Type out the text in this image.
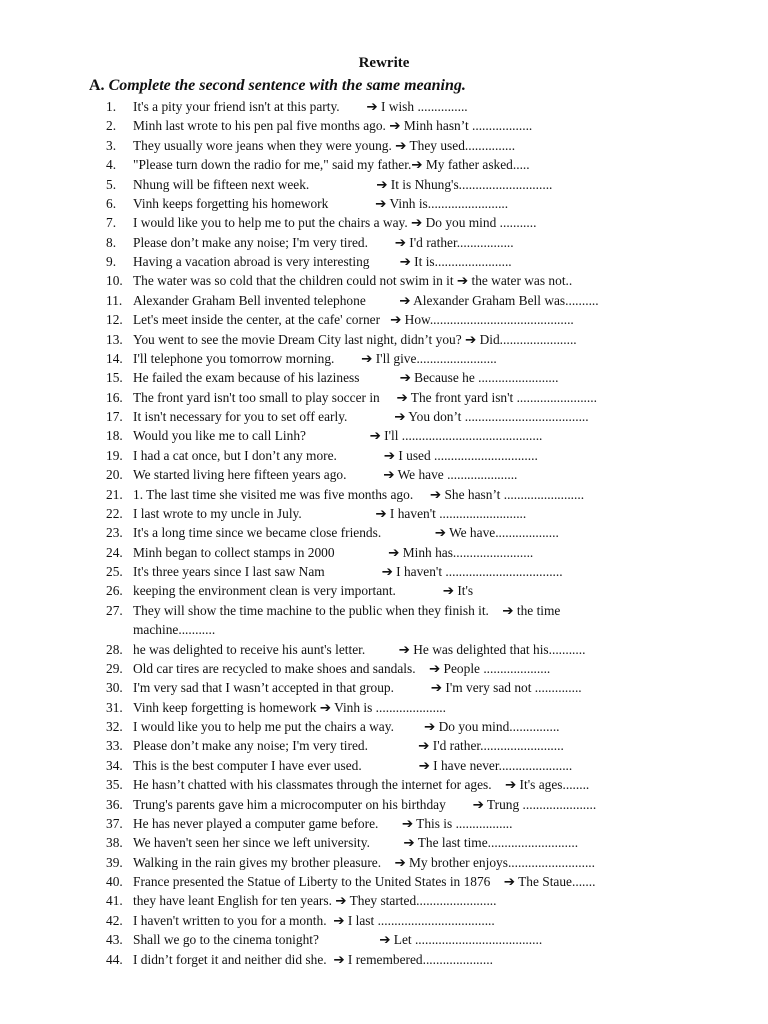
Rewrite
A. Complete the second sentence with the same meaning.
1.	It's a pity your friend isn't at this party.        ➔ I wish ...............
2.	Minh last wrote to his pen pal five months ago. ➔ Minh hasn’t ..................
3.	They usually wore jeans when they were young. ➔ They used...............
4.	"Please turn down the radio for me," said my father.➔ My father asked.....
5.	Nhung will be fifteen next week.                    ➔ It is Nhung's............................
6.	Vinh keeps forgetting his homework              ➔ Vinh is........................
7.	I would like you to help me to put the chairs a way. ➔ Do you mind ...........
8.	Please don’t make any noise; I'm very tired.        ➔ I'd rather.................
9.	Having a vacation abroad is very interesting         ➔ It is.......................
10. The water was so cold that the children could not swim in it ➔ the water was not..
11. Alexander Graham Bell invented telephone          ➔ Alexander Graham Bell was..........
12. Let's meet inside the center, at the cafe' corner   ➔ How...........................................
13. You went to see the movie Dream City last night, didn’t you? ➔ Did.......................
14. I'll telephone you tomorrow morning.        ➔ I'll give........................
15. He failed the exam because of his laziness            ➔ Because he ........................
16. The front yard isn't too small to play soccer in     ➔ The front yard isn't ........................
17. It isn't necessary for you to set off early.              ➔ You don’t .....................................
18. Would you like me to call Linh?                   ➔ I'll ..........................................
19. I had a cat once, but I don’t any more.              ➔ I used ...............................
20. We started living here fifteen years ago.           ➔ We have .....................
21. 1. The last time she visited me was five months ago.     ➔ She hasn’t ........................
22. I last wrote to my uncle in July.                      ➔ I haven't ..........................
23. It's a long time since we became close friends.                ➔ We have...................
24. Minh began to collect stamps in 2000                ➔ Minh has........................
25. It's three years since I last saw Nam                 ➔ I haven't ...................................
26. keeping the environment clean is very important.              ➔ It's
27. They will show the time machine to the public when they finish it.    ➔ the time
machine...........
28. he was delighted to receive his aunt's letter.          ➔ He was delighted that his...........
29. Old car tires are recycled to make shoes and sandals.    ➔ People ....................
30. I'm very sad that I wasn’t accepted in that group.           ➔ I'm very sad not ..............
31. Vinh keep forgetting is homework ➔ Vinh is .....................
32. I would like you to help me put the chairs a way.         ➔ Do you mind...............
33. Please don’t make any noise; I'm very tired.               ➔ I'd rather.........................
34. This is the best computer I have ever used.                 ➔ I have never......................
35. He hasn’t chatted with his classmates through the internet for ages.    ➔ It's ages........
36. Trung's parents gave him a microcomputer on his birthday        ➔ Trung ......................
37. He has never played a computer game before.       ➔ This is .................
38. We haven't seen her since we left university.          ➔ The last time...........................
39. Walking in the rain gives my brother pleasure.    ➔ My brother enjoys..........................
40. France presented the Statue of Liberty to the United States in 1876    ➔ The Staue.......
41. they have leant English for ten years. ➔ They started........................
42. I haven't written to you for a month.  ➔ I last ...................................
43. Shall we go to the cinema tonight?                  ➔ Let ......................................
44. I didn’t forget it and neither did she.  ➔ I remembered.....................
